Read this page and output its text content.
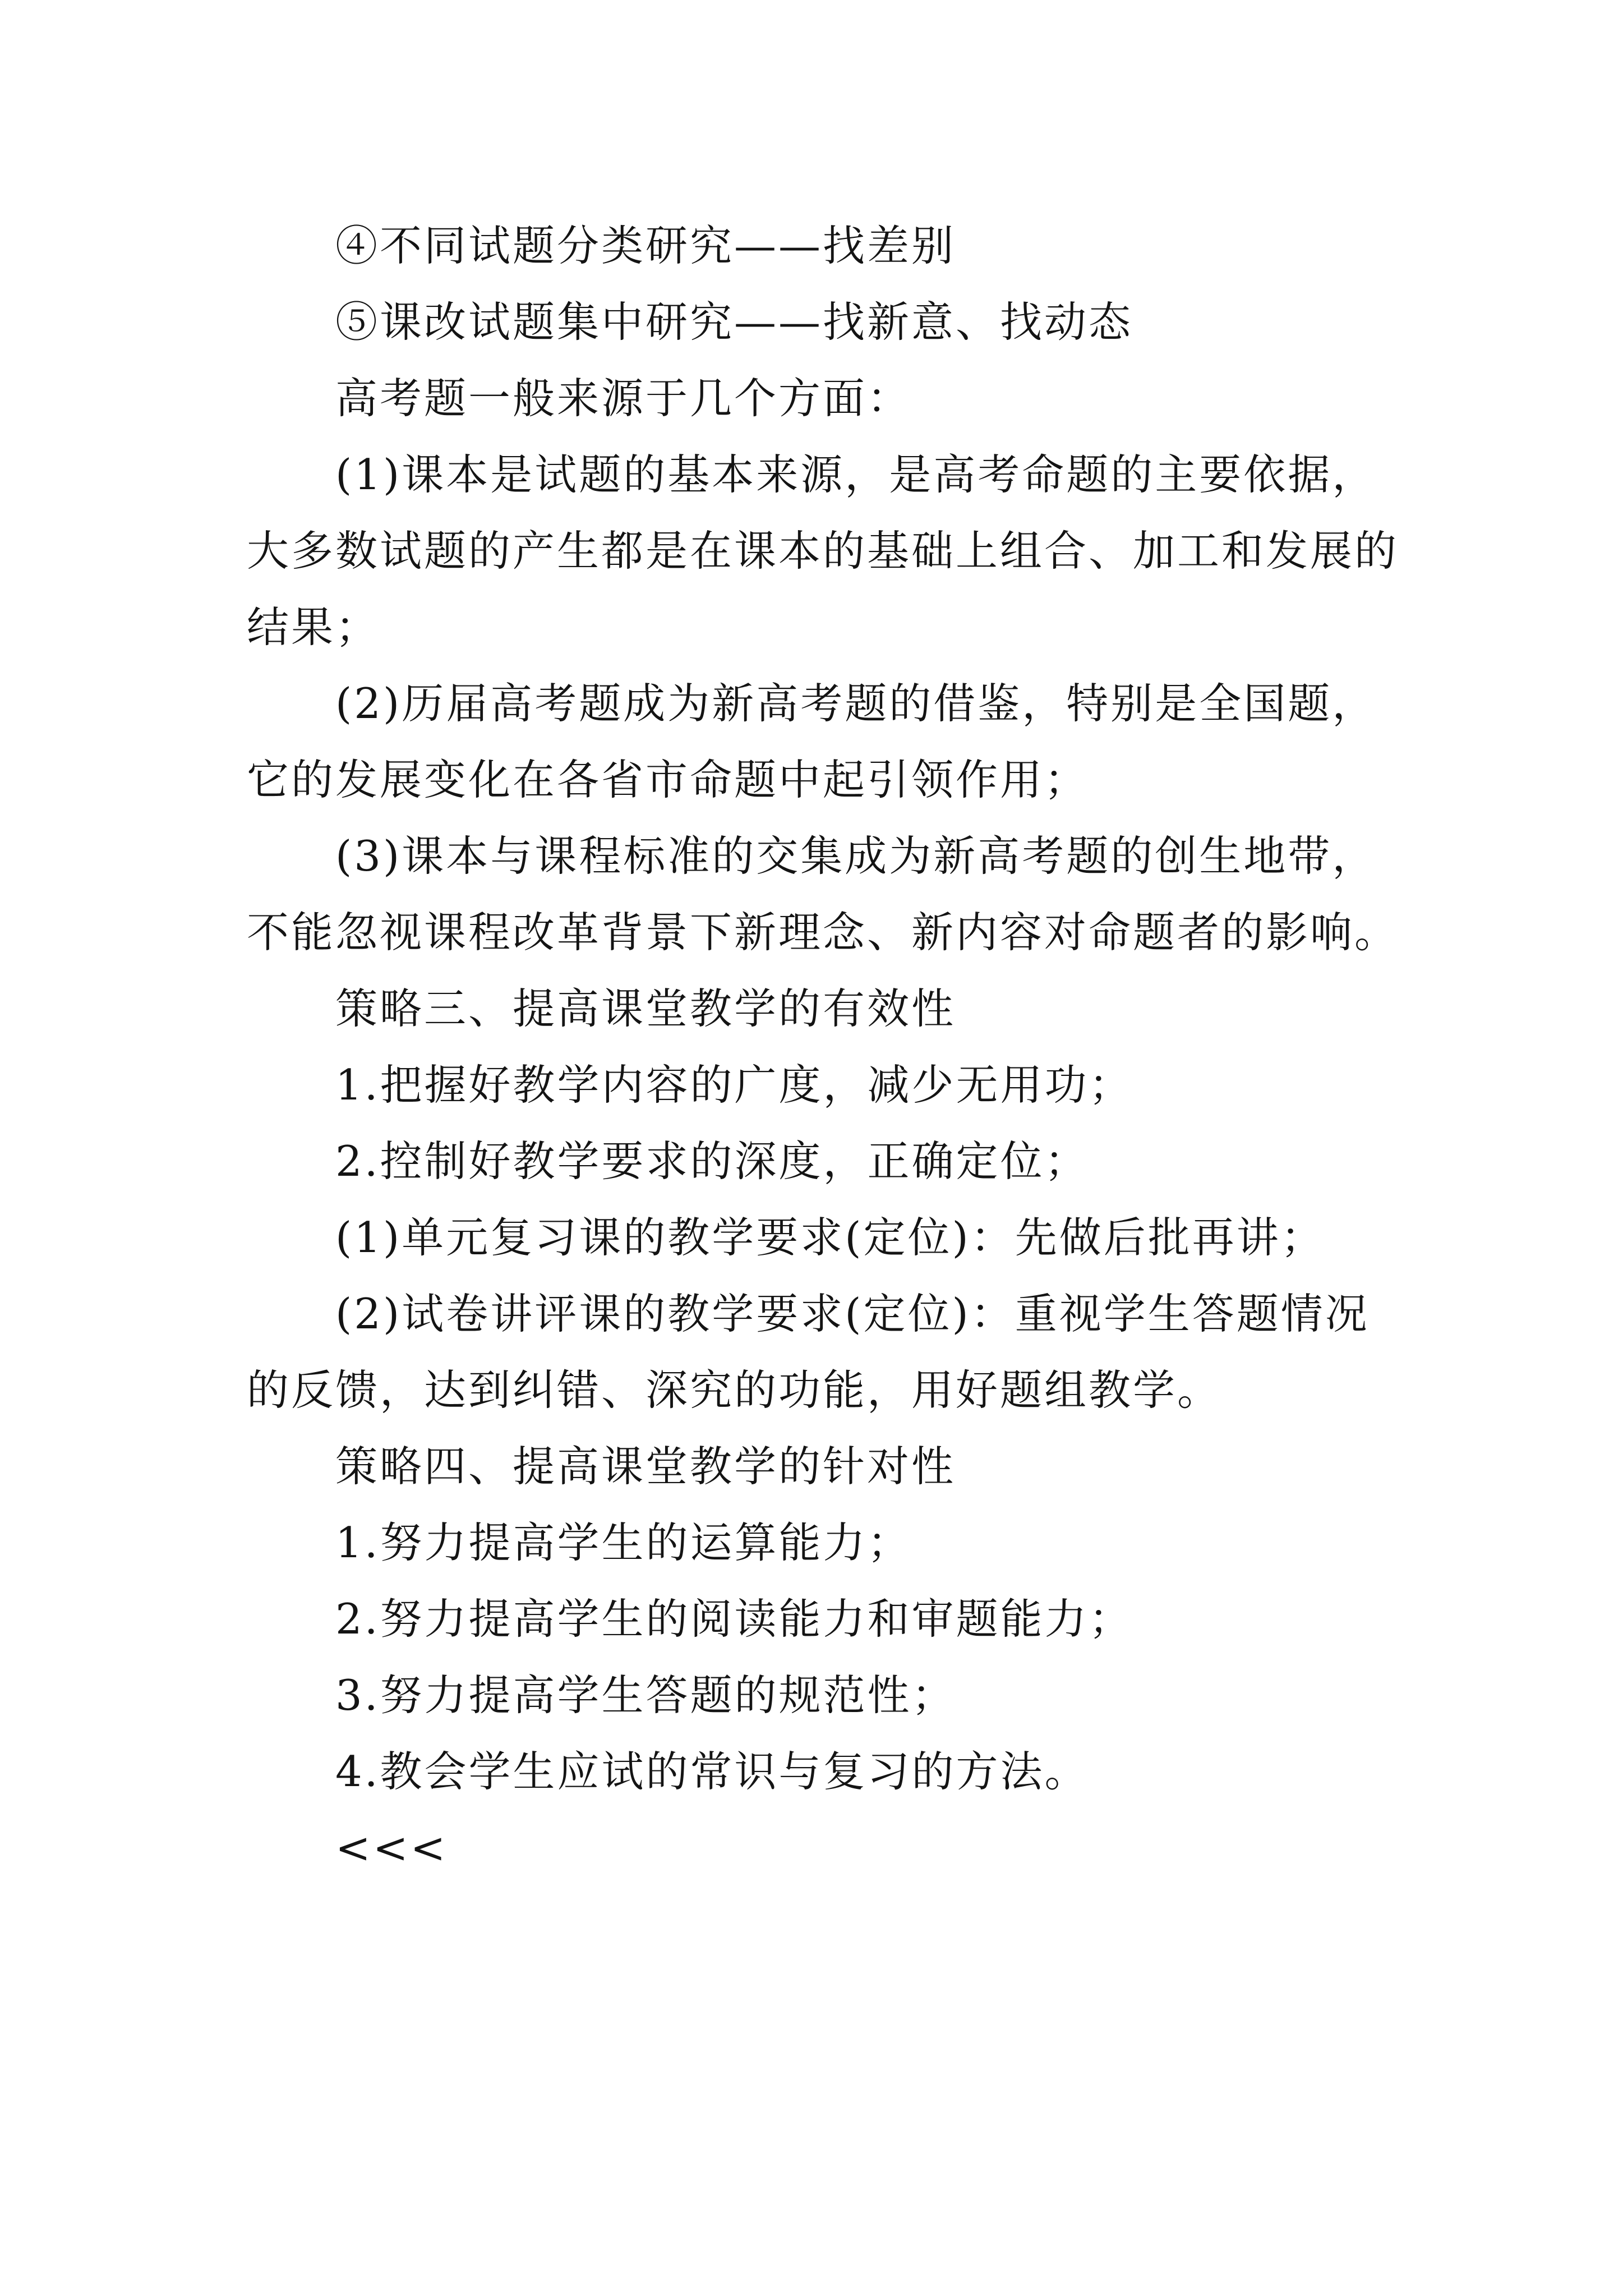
④不同试题分类研究——找差别

⑤课改试题集中研究——找新意、找动态

高考题一般来源于几个方面：

(1)课本是试题的基本来源，是高考命题的主要依据，大多数试题的产生都是在课本的基础上组合、加工和发展的结果；

(2)历届高考题成为新高考题的借鉴，特别是全国题，它的发展变化在各省市命题中起引领作用；

(3)课本与课程标准的交集成为新高考题的创生地带，不能忽视课程改革背景下新理念、新内容对命题者的影响。

策略三、提高课堂教学的有效性

1.把握好教学内容的广度，减少无用功；

2.控制好教学要求的深度，正确定位；

(1)单元复习课的教学要求(定位)：先做后批再讲；

(2)试卷讲评课的教学要求(定位)：重视学生答题情况的反馈，达到纠错、深究的功能，用好题组教学。

策略四、提高课堂教学的针对性

1.努力提高学生的运算能力；

2.努力提高学生的阅读能力和审题能力；

3.努力提高学生答题的规范性；

4.教会学生应试的常识与复习的方法。

<<<
